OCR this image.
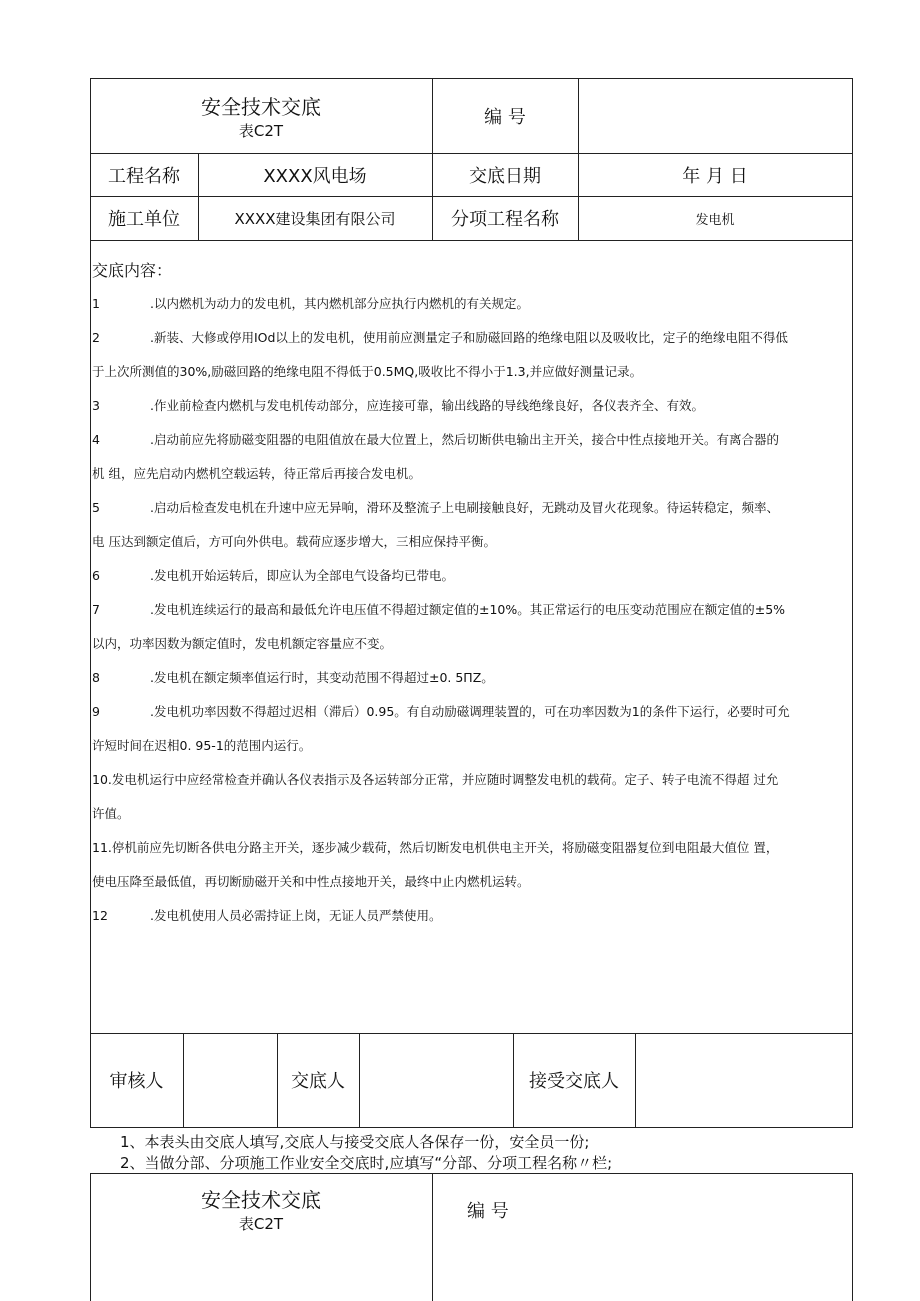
安全技术交底
表C2T
编 号
工程名称	XXXX风电场	交底日期	年 月 日
施工单位	XXXX建设集团有限公司	分项工程名称	发电机
交底内容：
1	.以内燃机为动力的发电机，其内燃机部分应执行内燃机的有关规定。
2	.新装、大修或停用IOd以上的发电机，使用前应测量定子和励磁回路的绝缘电阻以及吸收比，定子的绝缘电阻不得低
于上次所测值的30%,励磁回路的绝缘电阻不得低于0.5MQ,吸收比不得小于1.3,并应做好测量记录。
3	.作业前检查内燃机与发电机传动部分，应连接可靠，输出线路的导线绝缘良好，各仪表齐全、有效。
4	.启动前应先将励磁变阻器的电阻值放在最大位置上，然后切断供电输出主开关，接合中性点接地开关。有离合器的
机 组，应先启动内燃机空载运转，待正常后再接合发电机。
5	.启动后检查发电机在升速中应无异响，滑环及整流子上电刷接触良好，无跳动及冒火花现象。待运转稳定，频率、
电 压达到额定值后，方可向外供电。载荷应逐步增大，三相应保持平衡。
6	.发电机开始运转后，即应认为全部电气设备均已带电。
7	.发电机连续运行的最高和最低允许电压值不得超过额定值的±10%。其正常运行的电压变动范围应在额定值的±5%
以内，功率因数为额定值时，发电机额定容量应不变。
8	.发电机在额定频率值运行时，其变动范围不得超过±0. 5ΠZ。
9	.发电机功率因数不得超过迟相（滞后）0.95。有自动励磁调理装置的，可在功率因数为1的条件下运行，必要时可允
许短时间在迟相0. 95-1的范围内运行。
10.发电机运行中应经常检查并确认各仪表指示及各运转部分正常，并应随时调整发电机的载荷。定子、转子电流不得超 过允
许值。
11.停机前应先切断各供电分路主开关，逐步减少载荷，然后切断发电机供电主开关，将励磁变阻器复位到电阻最大值位 置，
使电压降至最低值，再切断励磁开关和中性点接地开关，最终中止内燃机运转。
12	.发电机使用人员必需持证上岗，无证人员严禁使用。
审核人	交底人	接受交底人
1、本表头由交底人填写,交底人与接受交底人各保存一份，安全员一份;
2、当做分部、分项施工作业安全交底时,应填写“分部、分项工程名称〃栏;
安全技术交底
表C2T
编 号
